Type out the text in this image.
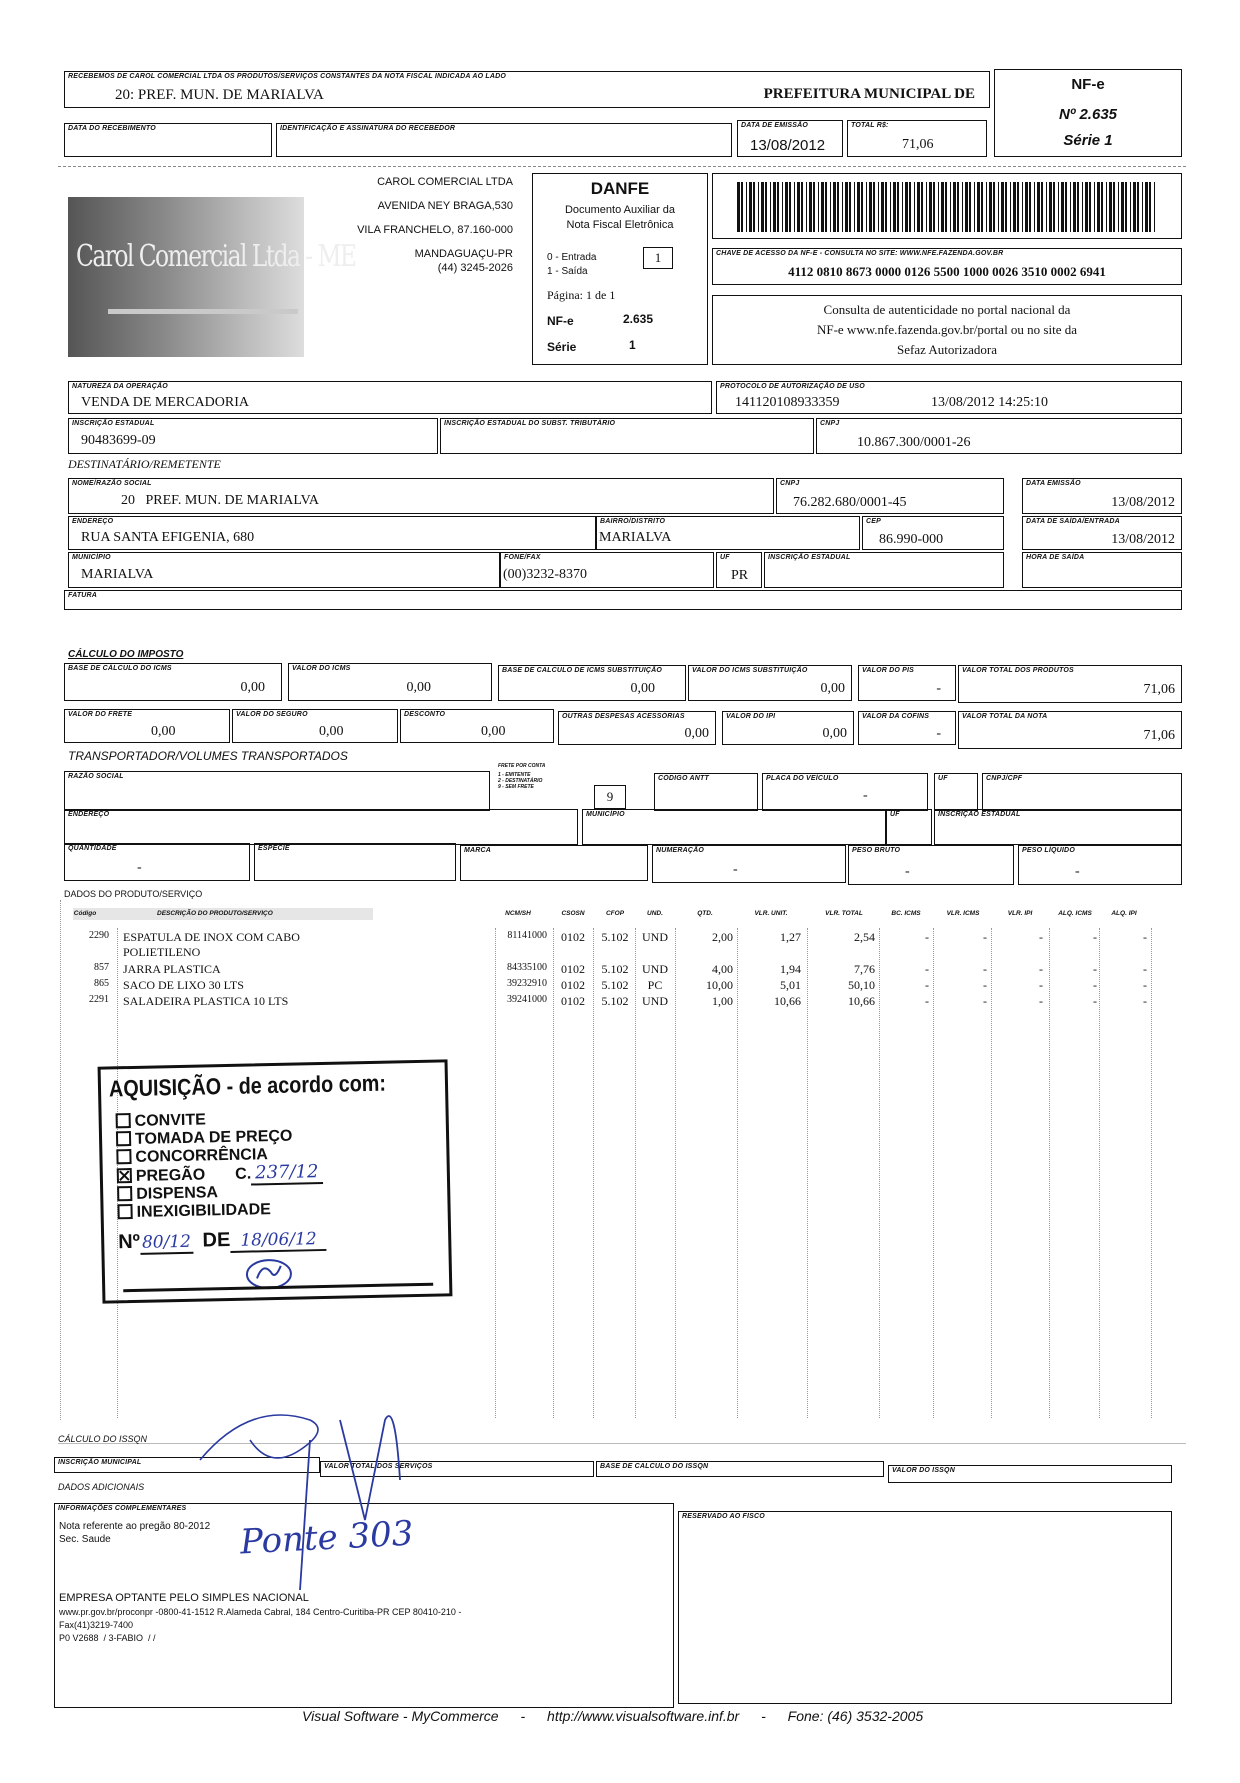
RECEBEMOS DE CAROL COMERCIAL LTDA OS PRODUTOS/SERVIÇOS CONSTANTES DA NOTA FISCAL INDICADA AO LADO
20: PREF. MUN. DE MARIALVA	PREFEITURA MUNICIPAL DE
DATA DO RECEBIMENTO	IDENTIFICAÇÃO E ASSINATURA DO RECEBEDOR	DATA DE EMISSÃO
13/08/2012
TOTAL R$:
71,06
NF-e
Nº 2.635
Série 1
Carol Comercial Ltda - ME
CAROL COMERCIAL LTDA
AVENIDA NEY BRAGA,530
VILA FRANCHELO, 87.160-000
MANDAGUAÇU-PR
(44) 3245-2026
DANFE
Documento Auxiliar da
Nota Fiscal Eletrônica
0 - Entrada
1 - Saída
1
Página: 1 de 1
NF-e	2.635
Série	1
CHAVE DE ACESSO DA NF-E - CONSULTA NO SITE: WWW.NFE.FAZENDA.GOV.BR
4112 0810 8673 0000 0126 5500 1000 0026 3510 0002 6941
Consulta de autenticidade no portal nacional da
NF-e www.nfe.fazenda.gov.br/portal ou no site da
Sefaz Autorizadora
NATUREZA DA OPERAÇÃO
VENDA DE MERCADORIA
PROTOCOLO DE AUTORIZAÇÃO DE USO
141120108933359	13/08/2012 14:25:10
INSCRIÇÃO ESTADUAL
90483699-09
INSCRIÇÃO ESTADUAL DO SUBST. TRIBUTÁRIO	CNPJ
10.867.300/0001-26
DESTINATÁRIO/REMETENTE
NOME/RAZÃO SOCIAL
20   PREF. MUN. DE MARIALVA
CNPJ
76.282.680/0001-45
DATA EMISSÃO
13/08/2012
ENDEREÇO
RUA SANTA EFIGENIA, 680
BAIRRO/DISTRITO
MARIALVA
CEP
86.990-000
DATA DE SAÍDA/ENTRADA
13/08/2012
MUNICÍPIO
MARIALVA
FONE/FAX
(00)3232-8370
UF
PR
INSCRIÇÃO ESTADUAL	HORA DE SAÍDA
FATURA
CÁLCULO DO IMPOSTO
BASE DE CÁLCULO DO ICMS
0,00
VALOR DO ICMS
0,00
BASE DE CALCULO DE ICMS SUBSTITUIÇÃO
0,00
VALOR DO ICMS SUBSTITUIÇÃO
0,00
VALOR DO PIS
-
VALOR TOTAL DOS PRODUTOS
71,06
VALOR DO FRETE
0,00
VALOR DO SEGURO
0,00
DESCONTO
0,00
OUTRAS DESPESAS ACESSÓRIAS
0,00
VALOR DO IPI
0,00
VALOR DA COFINS
-
VALOR TOTAL DA NOTA
71,06
TRANSPORTADOR/VOLUMES TRANSPORTADOS
RAZÃO SOCIAL
FRETE POR CONTA
1 - EMITENTE
2 - DESTINATÁRIO
9 - SEM FRETE
9
CÓDIGO ANTT	PLACA DO VEÍCULO
-
UF	CNPJ/CPF
ENDEREÇO	MUNICÍPIO	UF	INSCRIÇÃO ESTADUAL
QUANTIDADE
-
ESPÉCIE	MARCA	NUMERAÇÃO
-
PESO BRUTO
-
PESO LÍQUIDO
-
DADOS DO PRODUTO/SERVIÇO
Código	DESCRIÇÃO DO PRODUTO/SERVIÇO	NCM/SH	CSOSN	CFOP	UND.	QTD.	VLR. UNIT.	VLR. TOTAL	BC. ICMS	VLR. ICMS	VLR. IPI	ALQ. ICMS	ALQ. IPI
2290 ESPATULA DE INOX COM CABO	81141000	0102	5.102	UND	2,00	1,27	2,54	-	-	-	-	-
POLIETILENO
857 JARRA PLASTICA	84335100	0102	5.102	UND	4,00	1,94	7,76	-	-	-	-	-
865 SACO DE LIXO 30 LTS	39232910	0102	5.102	PC	10,00	5,01	50,10	-	-	-	-	-
2291 SALADEIRA PLASTICA 10 LTS	39241000	0102	5.102	UND	1,00	10,66	10,66	-	-	-	-	-
AQUISIÇÃO - de acordo com:
CONVITE
TOMADA DE PREÇO
CONCORRÊNCIA
PREGÃO C. 237/12
DISPENSA
INEXIGIBILIDADE
Nº80/12 DE 18/06/12
CÁLCULO DO ISSQN
INSCRIÇÃO MUNICIPAL
VALOR TOTAL DOS SERVIÇOS	BASE DE CALCULO DO ISSQN
VALOR DO ISSQN
DADOS ADICIONAIS
INFORMAÇÕES COMPLEMENTARES
Nota referente ao pregão 80-2012
Sec. Saude
EMPRESA OPTANTE PELO SIMPLES NACIONAL
www.pr.gov.br/proconpr -0800-41-1512 R.Alameda Cabral, 184 Centro-Curitiba-PR CEP 80410-210 -
Fax(41)3219-7400
P0 V2688  / 3-FABIO  / /
RESERVADO AO FISCO
Ponte 303
Visual Software - MyCommerce - http://www.visualsoftware.inf.br - Fone: (46) 3532-2005
